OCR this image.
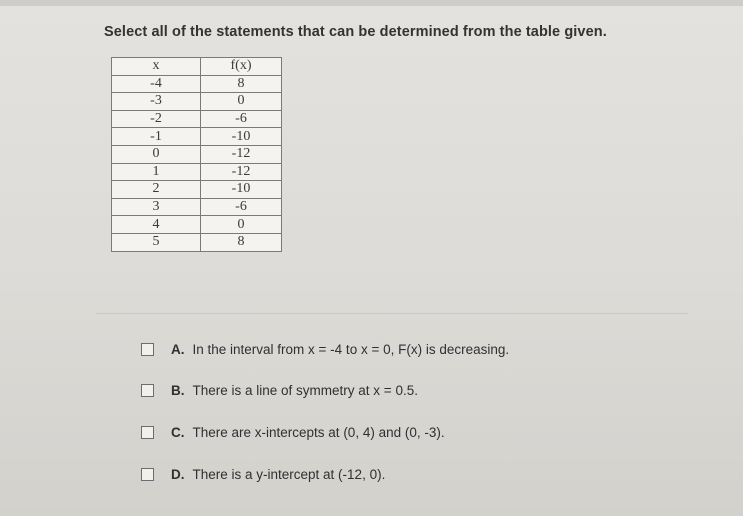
Select all of the statements that can be determined from the table given.
x	f(x)
-4	8
-3	0
-2	-6
-1	-10
0	-12
1	-12
2	-10
3	-6
4	0
5	8
A. In the interval from x = -4 to x = 0, F(x) is decreasing.
B. There is a line of symmetry at x = 0.5.
C. There are x-intercepts at (0, 4) and (0, -3).
D. There is a y-intercept at (-12, 0).
